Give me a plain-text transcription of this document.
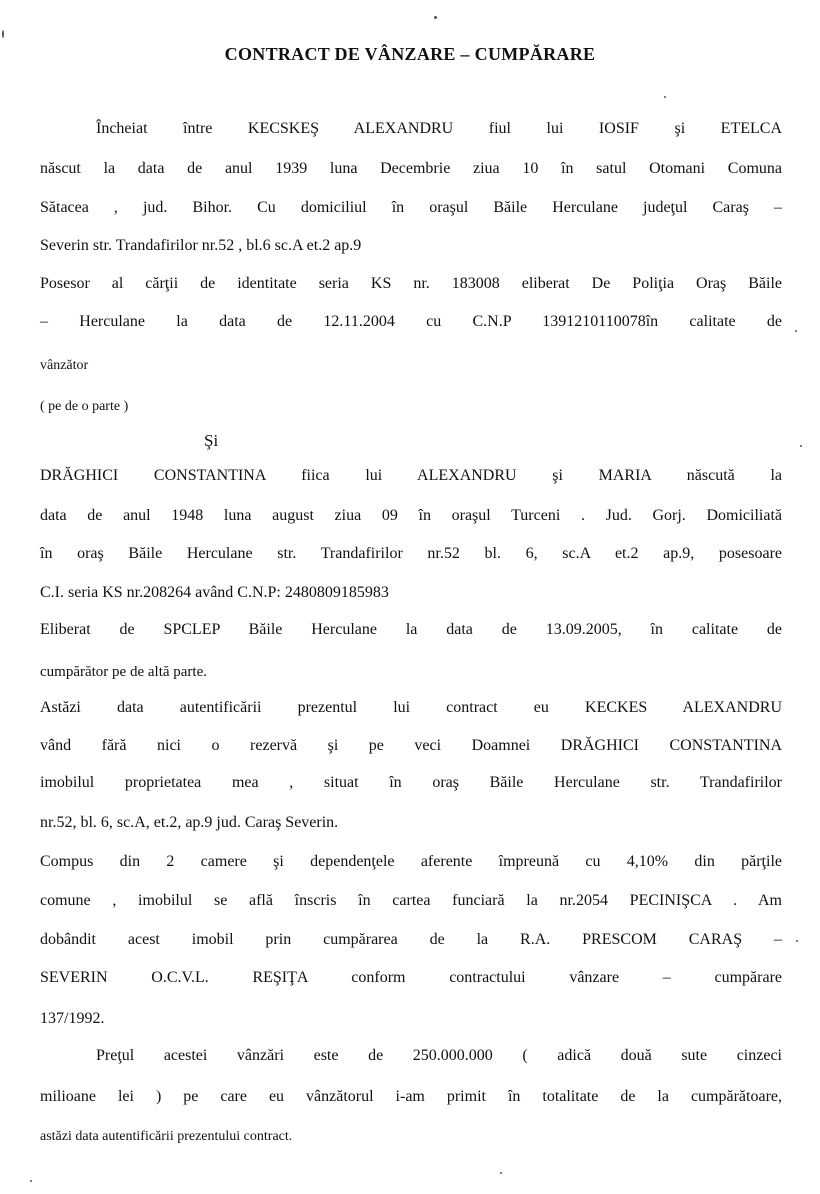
CONTRACT DE VÂNZARE – CUMPĂRARE
Încheiat între KECSKEŞ ALEXANDRU fiul lui IOSIF şi ETELCA
născut la data de anul 1939 luna Decembrie ziua 10 în satul Otomani Comuna
Sătacea , jud. Bihor. Cu domiciliul în oraşul Băile Herculane judeţul Caraş –
Severin str. Trandafirilor nr.52 , bl.6 sc.A et.2 ap.9
Posesor al cărţii de identitate seria KS nr. 183008 eliberat De Poliţia Oraş Băile
– Herculane la data de 12.11.2004 cu C.N.P 1391210110078în calitate de
vânzător
( pe de o parte )
Şi
DRĂGHICI CONSTANTINA fiica lui ALEXANDRU şi MARIA născută la
data de anul 1948 luna august ziua 09 în oraşul Turceni . Jud. Gorj. Domiciliată
în oraş Băile Herculane str. Trandafirilor nr.52 bl. 6, sc.A et.2 ap.9, posesoare
C.I. seria KS nr.208264 având C.N.P: 2480809185983
Eliberat de SPCLEP Băile Herculane la data de 13.09.2005, în calitate de
cumpărător pe de altă parte.
Astăzi data autentificării prezentul lui contract eu KECKES ALEXANDRU
vând fără nici o rezervă şi pe veci Doamnei DRĂGHICI CONSTANTINA
imobilul proprietatea mea , situat în oraş Băile Herculane str. Trandafirilor
nr.52, bl. 6, sc.A, et.2, ap.9 jud. Caraş Severin.
Compus din 2 camere şi dependenţele aferente împreună cu 4,10% din părţile
comune , imobilul se află înscris în cartea funciară la nr.2054 PECINIŞCA . Am
dobândit acest imobil prin cumpărarea de la R.A. PRESCOM CARAŞ –
SEVERIN O.C.V.L. REŞIŢA conform contractului vânzare – cumpărare
137/1992.
Preţul acestei vânzări este de 250.000.000 ( adică două sute cinzeci
milioane lei ) pe care eu vânzătorul i-am primit în totalitate de la cumpărătoare,
astăzi data autentificării prezentului contract.
